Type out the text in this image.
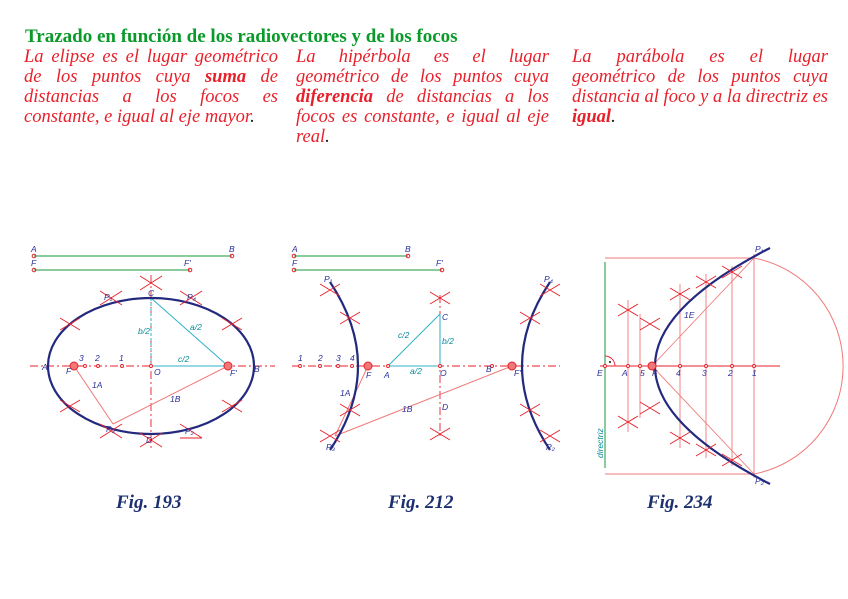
Trazado en función de los radiovectores y de los focos

La elipse es el lugar geométrico de los puntos cuya suma de distancias a los focos es constante, e igual al eje mayor.

La hipérbola es el lugar geométrico de los puntos cuya diferencia de distancias a los focos es constante, e igual al eje real.

La parábola es el lugar geométrico de los puntos cuya distancia al foco y a la directriz es igual.

A	B
F	F'
C
D
A	B
F	F'
O
3 2 1
b/2	a/2
c/2
1A
1B
P₁	P₄
P₃	P₂
A	B
F	F'
C
D
A
B
F	F'
O
1 2 3 4
c/2
b/2
a/2
1A
1B
P₁	P₄
P₃	P₂
E A 5 F 4	3	2 1
1E
P₁
P₂
directriz
Fig. 193	Fig. 212	Fig. 234
